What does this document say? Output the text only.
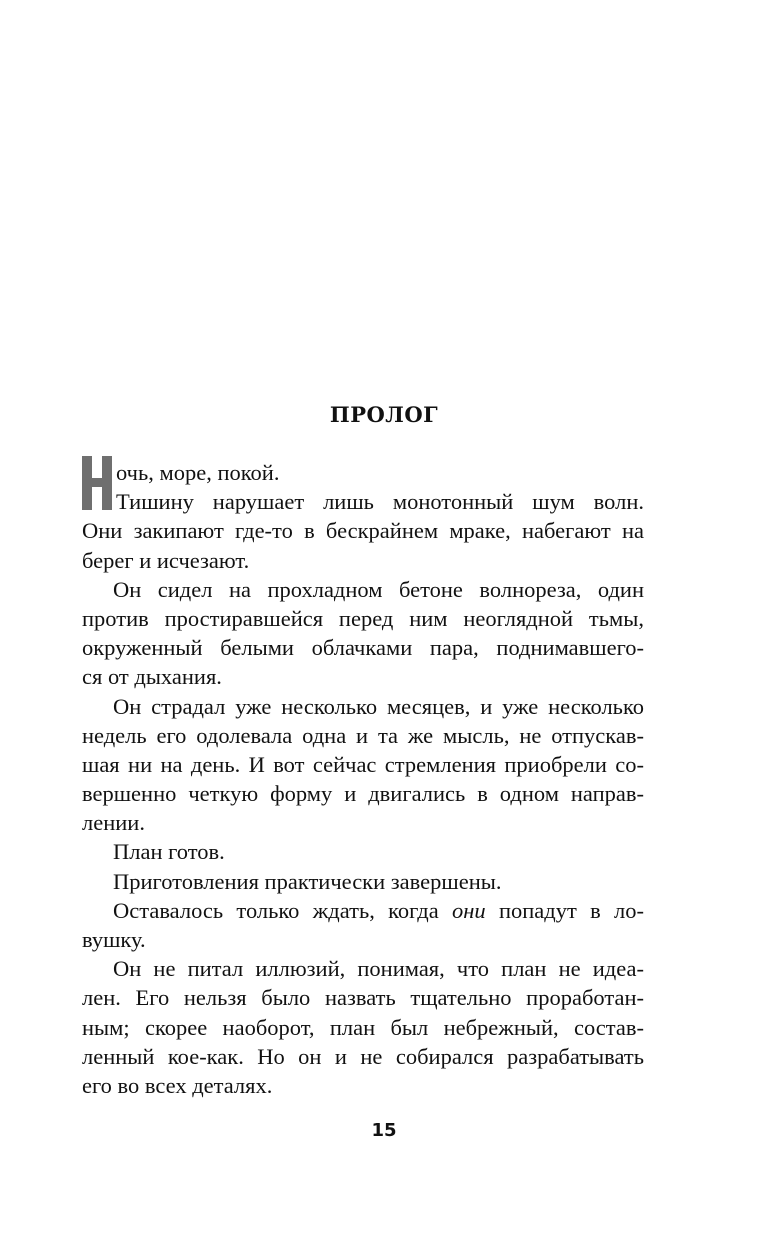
ПРОЛОГ
очь, море, покой.
Тишину нарушает лишь монотонный шум волн.
Они закипают где-то в бескрайнем мраке, набегают на
берег и исчезают.
Он сидел на прохладном бетоне волнореза, один
против простиравшейся перед ним неоглядной тьмы,
окруженный белыми облачками пара, поднимавшего-
ся от дыхания.
Он страдал уже несколько месяцев, и уже несколько
недель его одолевала одна и та же мысль, не отпускав-
шая ни на день. И вот сейчас стремления приобрели со-
вершенно четкую форму и двигались в одном направ-
лении.
План готов.
Приготовления практически завершены.
Оставалось только ждать, когда они попадут в ло-
вушку.
Он не питал иллюзий, понимая, что план не идеа-
лен. Его нельзя было назвать тщательно проработан-
ным; скорее наоборот, план был небрежный, состав-
ленный кое-как. Но он и не собирался разрабатывать
его во всех деталях.
15
